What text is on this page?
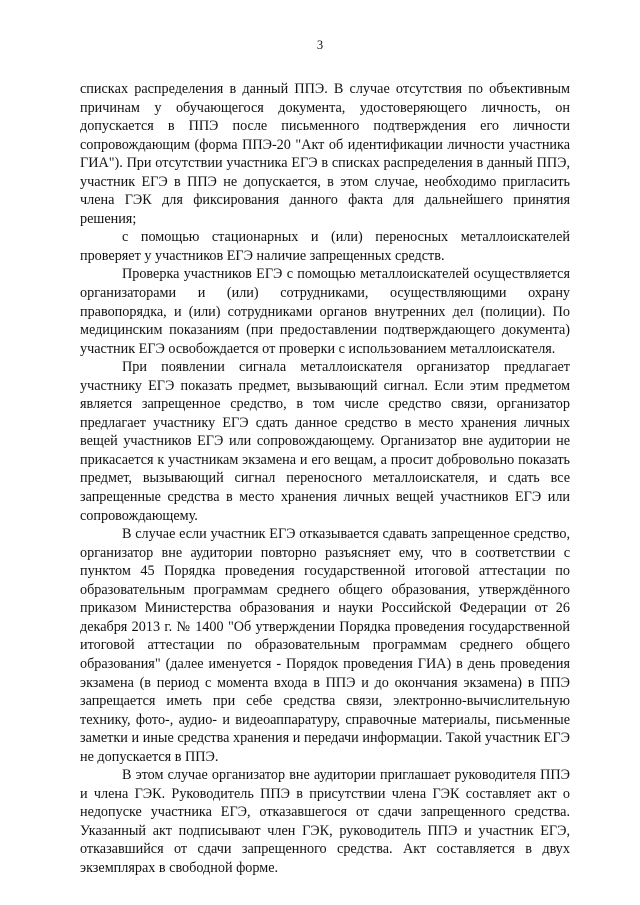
3

спискaх распределения в данный ППЭ. В случае отсутствия по объективным причинам у обучающегося документа, удостоверяющего личность, он допускается в ППЭ после письменного подтверждения его личности сопровождающим (форма ППЭ-20 "Акт об идентификации личности участника ГИА"). При отсутствии участника ЕГЭ в списках распределения в данный ППЭ, участник ЕГЭ в ППЭ не допускается, в этом случае, необходимо пригласить члена ГЭК для фиксирования данного факта для дальнейшего принятия решения;

с помощью стационарных и (или) переносных металлоискателей проверяет у участников ЕГЭ наличие запрещенных средств.

Проверка участников ЕГЭ с помощью металлоискателей осуществляется организаторами и (или) сотрудниками, осуществляющими охрану правопорядка, и (или) сотрудниками органов внутренних дел (полиции). По медицинским показаниям (при предоставлении подтверждающего документа) участник ЕГЭ освобождается от проверки с использованием металлоискателя.

При появлении сигнала металлоискателя организатор предлагает участнику ЕГЭ показать предмет, вызывающий сигнал. Если этим предметом является запрещенное средство, в том числе средство связи, организатор предлагает участнику ЕГЭ сдать данное средство в место хранения личных вещей участников ЕГЭ или сопровождающему. Организатор вне аудитории не прикасается к участникам экзамена и его вещам, а просит добровольно показать предмет, вызывающий сигнал переносного металлоискателя, и сдать все запрещенные средства в место хранения личных вещей участников ЕГЭ или сопровождающему.

В случае если участник ЕГЭ отказывается сдавать запрещенное средство, организатор вне аудитории повторно разъясняет ему, что в соответствии с пунктом 45 Порядка проведения государственной итоговой аттестации по образовательным программам среднего общего образования, утверждённого приказом Министерства образования и науки Российской Федерации от 26 декабря 2013 г. № 1400 "Об утверждении Порядка проведения государственной итоговой аттестации по образовательным программам среднего общего образования" (далее именуется - Порядок проведения ГИА) в день проведения экзамена (в период с момента входа в ППЭ и до окончания экзамена) в ППЭ запрещается иметь при себе средства связи, электронно-вычислительную технику, фото-, аудио- и видеоаппаратуру, справочные материалы, письменные заметки и иные средства хранения и передачи информации. Такой участник ЕГЭ не допускается в ППЭ.

В этом случае организатор вне аудитории приглашает руководителя ППЭ и члена ГЭК. Руководитель ППЭ в присутствии члена ГЭК составляет акт о недопуске участника ЕГЭ, отказавшегося от сдачи запрещенного средства. Указанный акт подписывают член ГЭК, руководитель ППЭ и участник ЕГЭ, отказавшийся от сдачи запрещенного средства. Акт составляется в двух экземплярах в свободной форме.
